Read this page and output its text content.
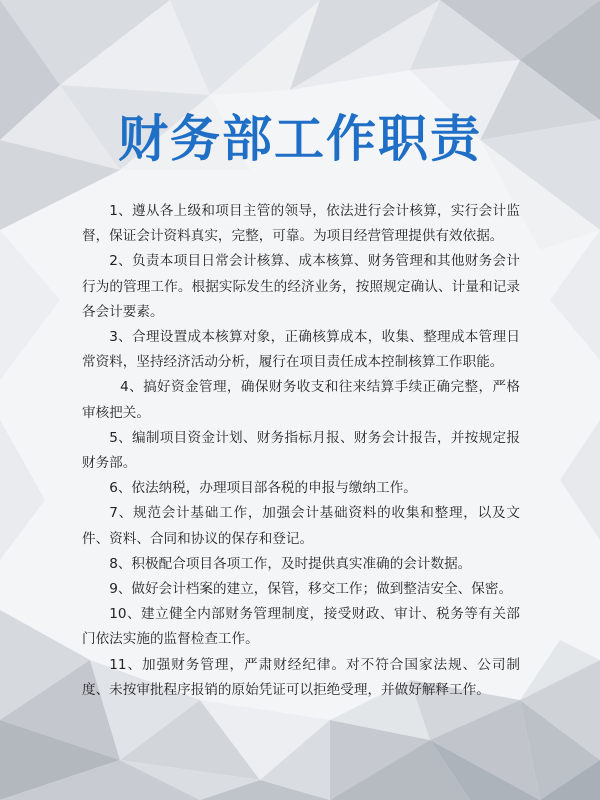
财务部工作职责

1、遵从各上级和项目主管的领导，依法进行会计核算，实行会计监督，保证会计资料真实，完整，可靠。为项目经营管理提供有效依据。

2、负责本项目日常会计核算、成本核算、财务管理和其他财务会计行为的管理工作。根据实际发生的经济业务，按照规定确认、计量和记录各会计要素。

3、合理设置成本核算对象，正确核算成本，收集、整理成本管理日常资料，坚持经济活动分析，履行在项目责任成本控制核算工作职能。

4、搞好资金管理，确保财务收支和往来结算手续正确完整，严格审核把关。

5、编制项目资金计划、财务指标月报、财务会计报告，并按规定报财务部。

6、依法纳税，办理项目部各税的申报与缴纳工作。

7、规范会计基础工作，加强会计基础资料的收集和整理，以及文件、资料、合同和协议的保存和登记。

8、积极配合项目各项工作，及时提供真实准确的会计数据。

9、做好会计档案的建立，保管，移交工作；做到整洁安全、保密。

10、建立健全内部财务管理制度，接受财政、审计、税务等有关部门依法实施的监督检查工作。

11、加强财务管理，严肃财经纪律。对不符合国家法规、公司制度、未按审批程序报销的原始凭证可以拒绝受理，并做好解释工作。
